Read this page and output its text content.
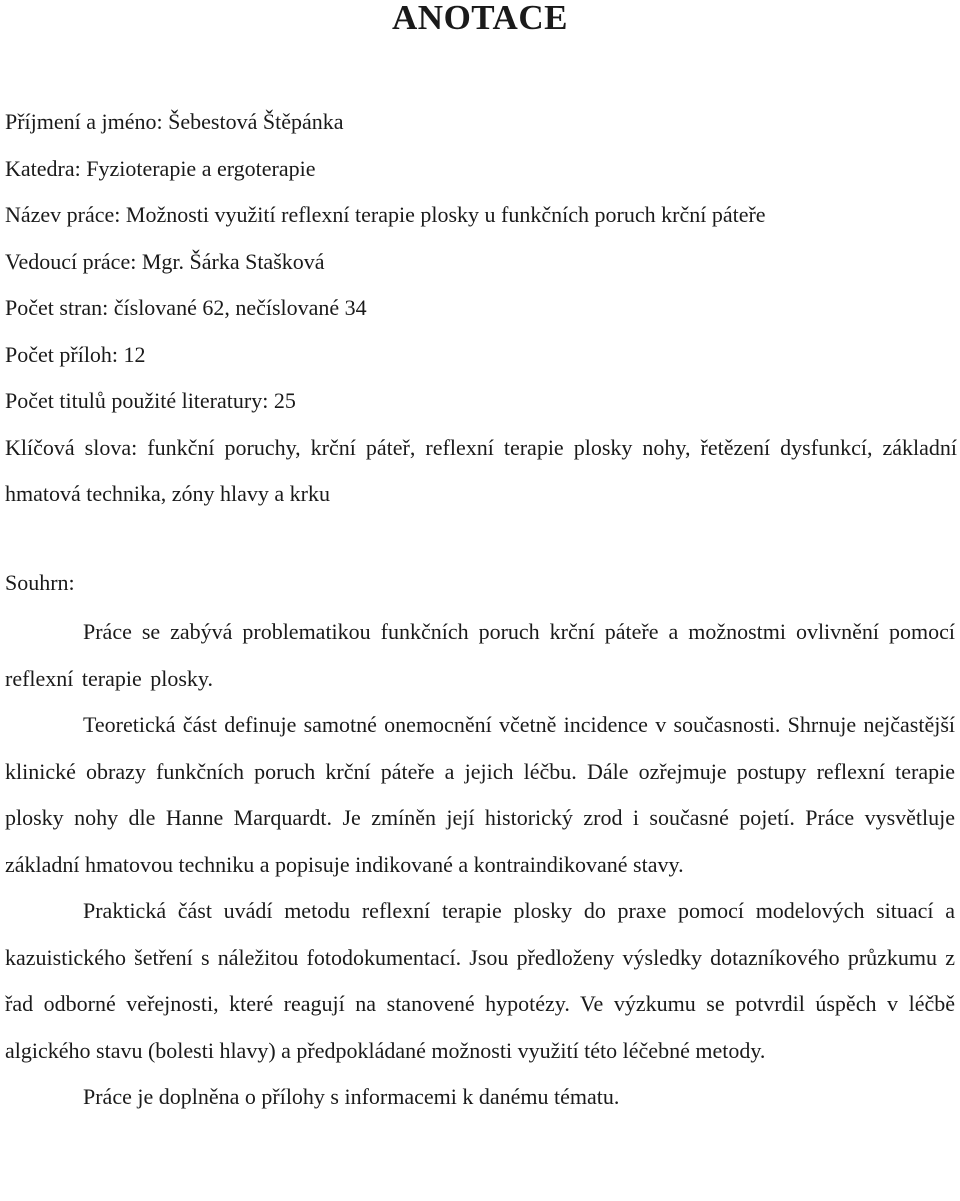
ANOTACE
Příjmení a jméno: Šebestová Štěpánka
Katedra: Fyzioterapie a ergoterapie
Název práce: Možnosti využití reflexní terapie plosky u funkčních poruch krční páteře
Vedoucí práce: Mgr. Šárka Stašková
Počet stran: číslované 62, nečíslované 34
Počet příloh: 12
Počet titulů použité literatury: 25
Klíčová slova: funkční poruchy, krční páteř, reflexní terapie plosky nohy, řetězení dysfunkcí, základní hmatová technika, zóny hlavy a krku
Souhrn:

Práce se zabývá problematikou funkčních poruch krční páteře a možnostmi ovlivnění pomocí reflexní terapie plosky.

Teoretická část definuje samotné onemocnění včetně incidence v současnosti. Shrnuje nejčastější klinické obrazy funkčních poruch krční páteře a jejich léčbu. Dále ozřejmuje postupy reflexní terapie plosky nohy dle Hanne Marquardt. Je zmíněn její historický zrod i současné pojetí. Práce vysvětluje základní hmatovou techniku a popisuje indikované a kontraindikované stavy.

Praktická část uvádí metodu reflexní terapie plosky do praxe pomocí modelových situací a kazuistického šetření s náležitou fotodokumentací. Jsou předloženy výsledky dotazníkového průzkumu z řad odborné veřejnosti, které reagují na stanovené hypotézy. Ve výzkumu se potvrdil úspěch v léčbě algického stavu (bolesti hlavy) a předpokládané možnosti využití této léčebné metody.

Práce je doplněna o přílohy s informacemi k danému tématu.
